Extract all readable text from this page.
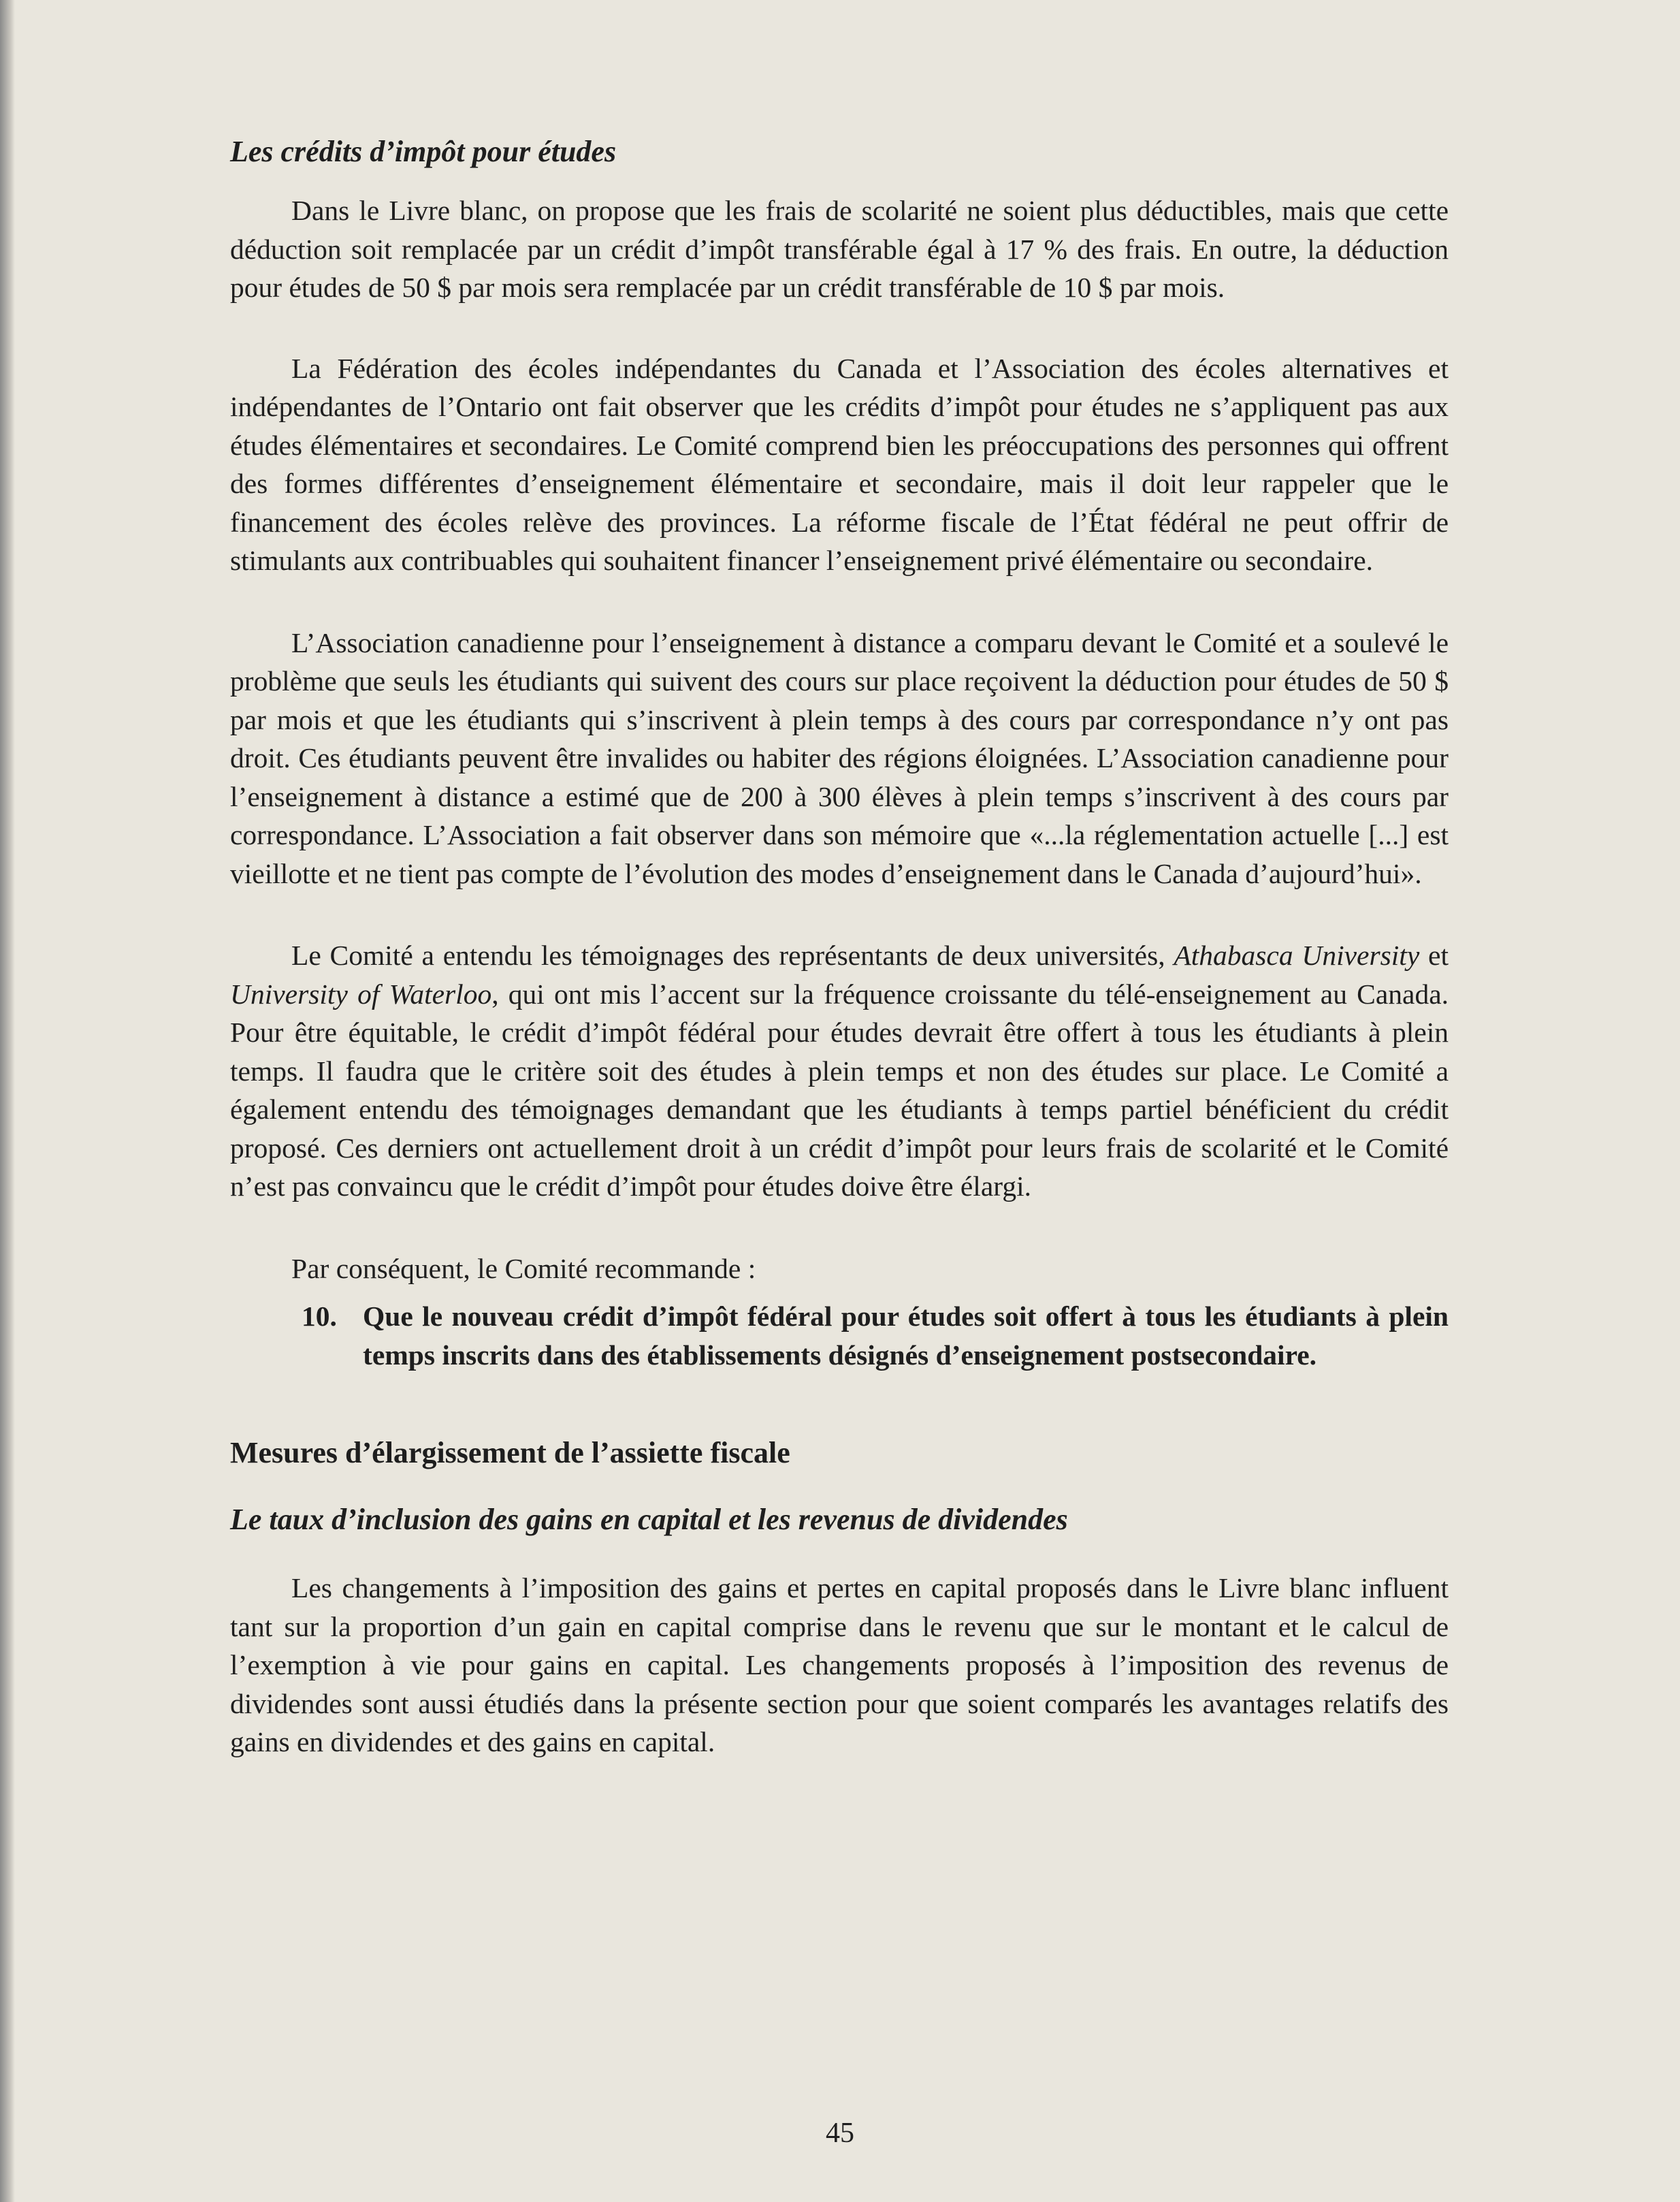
Les crédits d’impôt pour études

Dans le Livre blanc, on propose que les frais de scolarité ne soient plus déductibles, mais que cette déduction soit remplacée par un crédit d’impôt transférable égal à 17 % des frais. En outre, la déduction pour études de 50 $ par mois sera remplacée par un crédit transférable de 10 $ par mois.

La Fédération des écoles indépendantes du Canada et l’Association des écoles alternatives et indépendantes de l’Ontario ont fait observer que les crédits d’impôt pour études ne s’appliquent pas aux études élémentaires et secondaires. Le Comité comprend bien les préoccupations des personnes qui offrent des formes différentes d’enseignement élémentaire et secondaire, mais il doit leur rappeler que le financement des écoles relève des provinces. La réforme fiscale de l’État fédéral ne peut offrir de stimulants aux contribuables qui souhaitent financer l’enseignement privé élémentaire ou secondaire.

L’Association canadienne pour l’enseignement à distance a comparu devant le Comité et a soulevé le problème que seuls les étudiants qui suivent des cours sur place reçoivent la déduction pour études de 50 $ par mois et que les étudiants qui s’inscrivent à plein temps à des cours par correspondance n’y ont pas droit. Ces étudiants peuvent être invalides ou habiter des régions éloignées. L’Association canadienne pour l’enseignement à distance a estimé que de 200 à 300 élèves à plein temps s’inscrivent à des cours par correspondance. L’Association a fait observer dans son mémoire que «...la réglementation actuelle [...] est vieillotte et ne tient pas compte de l’évolution des modes d’enseignement dans le Canada d’aujourd’hui».

Le Comité a entendu les témoignages des représentants de deux universités, Athabasca University et University of Waterloo, qui ont mis l’accent sur la fréquence croissante du télé-enseignement au Canada. Pour être équitable, le crédit d’impôt fédéral pour études devrait être offert à tous les étudiants à plein temps. Il faudra que le critère soit des études à plein temps et non des études sur place. Le Comité a également entendu des témoignages demandant que les étudiants à temps partiel bénéficient du crédit proposé. Ces derniers ont actuellement droit à un crédit d’impôt pour leurs frais de scolarité et le Comité n’est pas convaincu que le crédit d’impôt pour études doive être élargi.

Par conséquent, le Comité recommande :

10. Que le nouveau crédit d’impôt fédéral pour études soit offert à tous les étudiants à plein temps inscrits dans des établissements désignés d’enseignement postsecondaire.
Mesures d’élargissement de l’assiette fiscale
Le taux d’inclusion des gains en capital et les revenus de dividendes

Les changements à l’imposition des gains et pertes en capital proposés dans le Livre blanc influent tant sur la proportion d’un gain en capital comprise dans le revenu que sur le montant et le calcul de l’exemption à vie pour gains en capital. Les changements proposés à l’imposition des revenus de dividendes sont aussi étudiés dans la présente section pour que soient comparés les avantages relatifs des gains en dividendes et des gains en capital.

45
